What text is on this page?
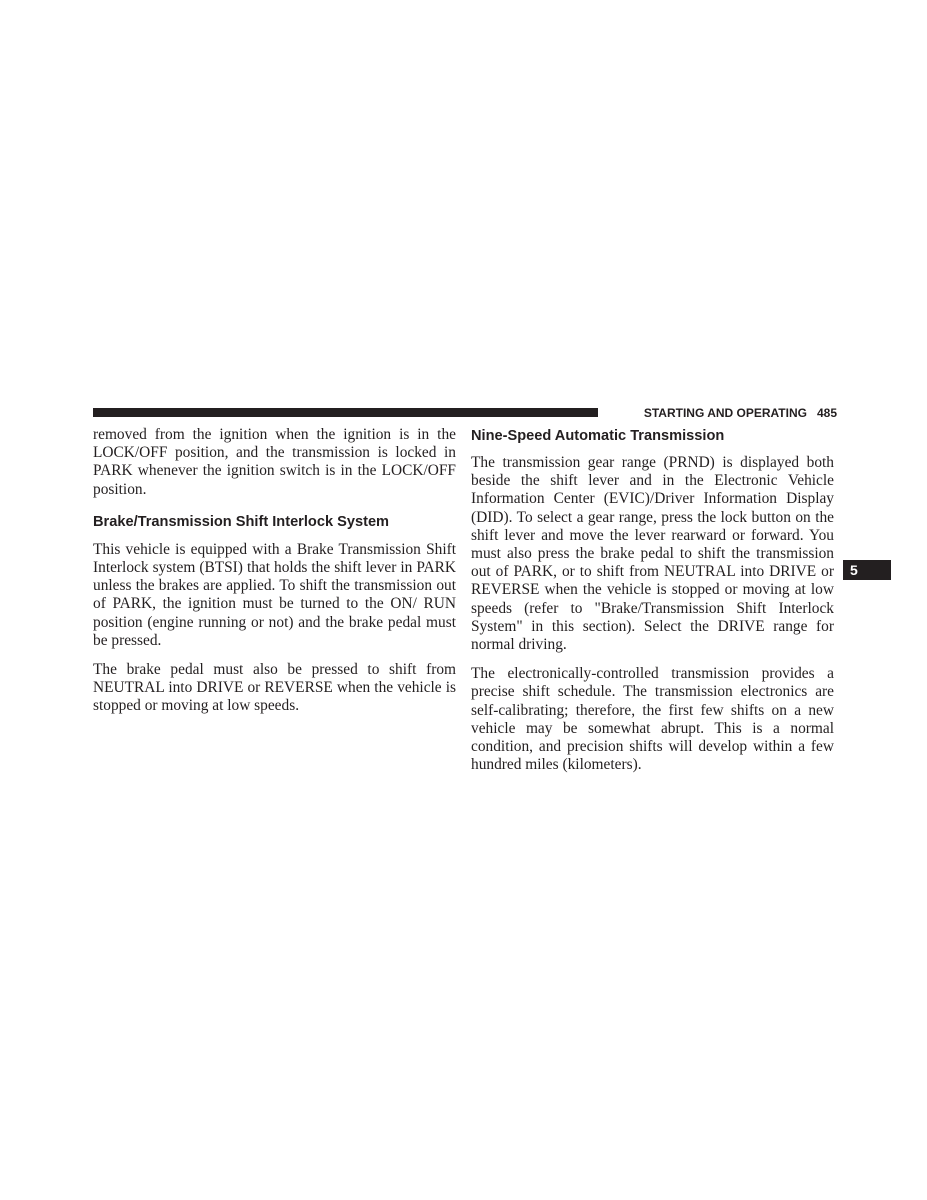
STARTING AND OPERATING 485
5

removed from the ignition when the ignition is in the LOCK/OFF position, and the transmission is locked in PARK whenever the ignition switch is in the LOCK/OFF position.

Brake/Transmission Shift Interlock System

This vehicle is equipped with a Brake Transmission Shift Interlock system (BTSI) that holds the shift lever in PARK unless the brakes are applied. To shift the transmission out of PARK, the ignition must be turned to the ON/ RUN position (engine running or not) and the brake pedal must be pressed.

The brake pedal must also be pressed to shift from NEUTRAL into DRIVE or REVERSE when the vehicle is stopped or moving at low speeds.

Nine-Speed Automatic Transmission

The transmission gear range (PRND) is displayed both beside the shift lever and in the Electronic Vehicle Information Center (EVIC)/Driver Information Display (DID). To select a gear range, press the lock button on the shift lever and move the lever rearward or forward. You must also press the brake pedal to shift the transmission out of PARK, or to shift from NEUTRAL into DRIVE or REVERSE when the vehicle is stopped or moving at low speeds (refer to "Brake/Transmission Shift Interlock System" in this section). Select the DRIVE range for normal driving.

The electronically-controlled transmission provides a precise shift schedule. The transmission electronics are self-calibrating; therefore, the first few shifts on a new vehicle may be somewhat abrupt. This is a normal condition, and precision shifts will develop within a few hundred miles (kilometers).
